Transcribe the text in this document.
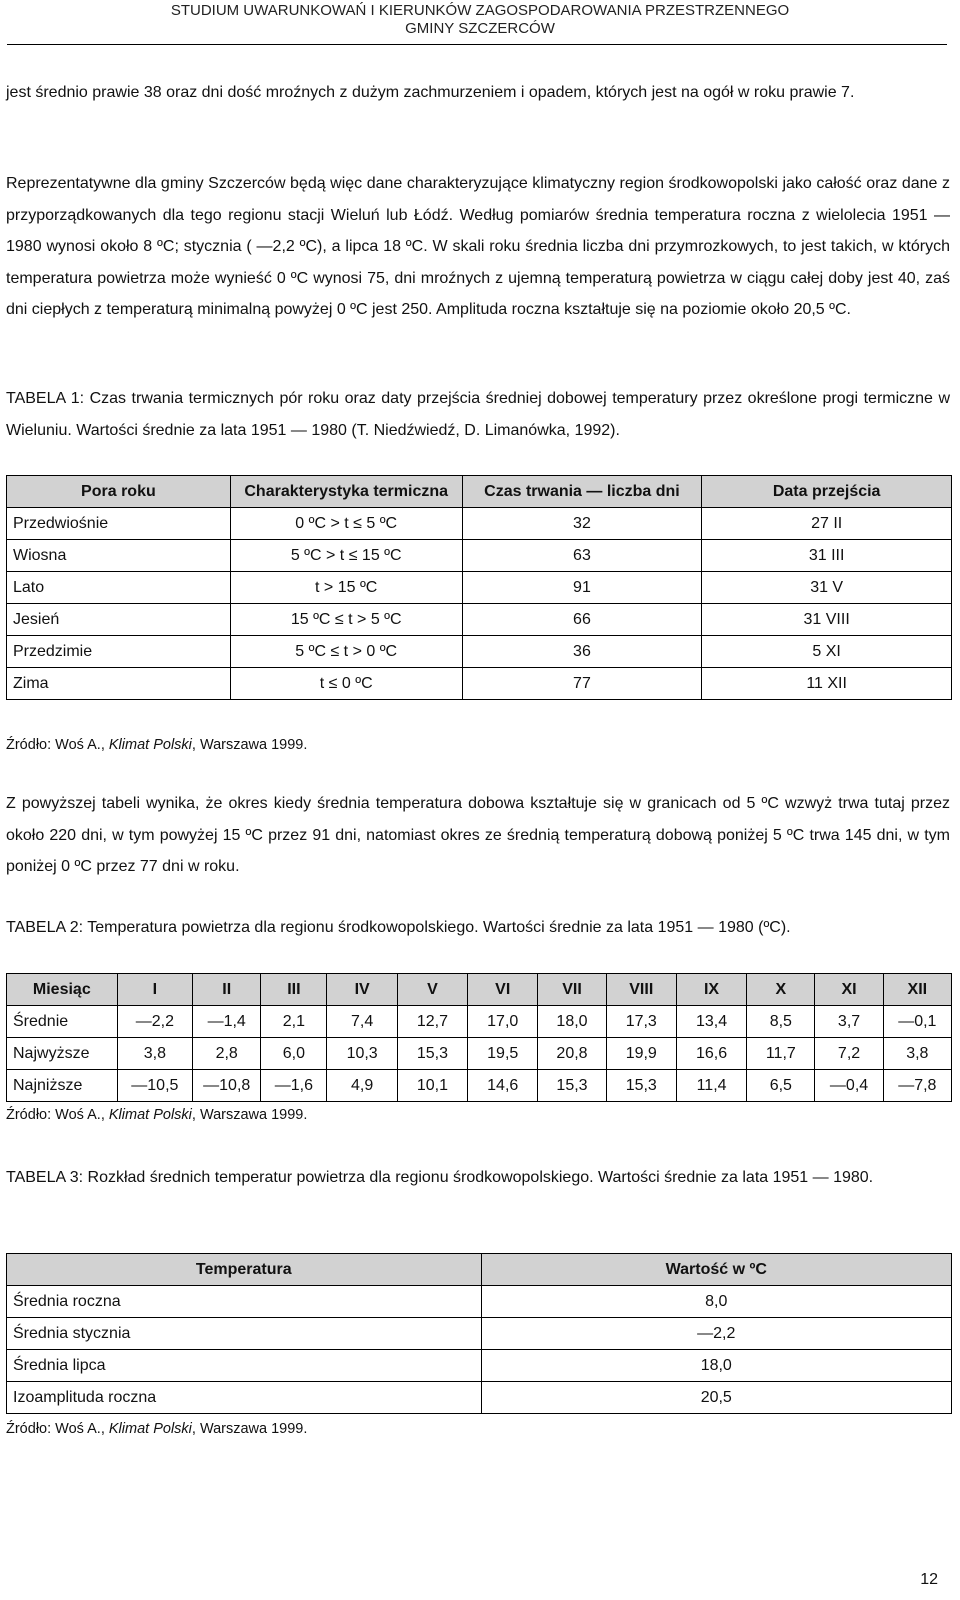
STUDIUM UWARUNKOWAŃ I KIERUNKÓW ZAGOSPODAROWANIA PRZESTRZENNEGO
GMINY SZCZERCÓW

jest średnio prawie 38 oraz dni dość mroźnych z dużym zachmurzeniem i opadem, których jest na ogół w roku prawie 7.

Reprezentatywne dla gminy Szczerców będą więc dane charakteryzujące klimatyczny region środkowopolski jako całość oraz dane z przyporządkowanych dla tego regionu stacji Wieluń lub Łódź. Według pomiarów średnia temperatura roczna z wielolecia 1951 — 1980 wynosi około 8 ºC; stycznia ( —2,2 ºC), a lipca 18 ºC. W skali roku średnia liczba dni przymrozkowych, to jest takich, w których temperatura powietrza może wynieść 0 ºC wynosi 75, dni mroźnych z ujemną temperaturą powietrza w ciągu całej doby jest 40, zaś dni ciepłych z temperaturą minimalną powyżej 0 ºC jest 250. Amplituda roczna kształtuje się na poziomie około 20,5 ºC.

TABELA 1: Czas trwania termicznych pór roku oraz daty przejścia średniej dobowej temperatury przez określone progi termiczne w Wieluniu. Wartości średnie za lata 1951 — 1980 (T. Niedźwiedź, D. Limanówka, 1992).

Pora roku	Charakterystyka termiczna	Czas trwania — liczba dni	Data przejścia
Przedwiośnie	0 ºC > t ≤ 5 ºC	32	27 II
Wiosna	5 ºC > t ≤ 15 ºC	63	31 III
Lato	t > 15 ºC	91	31 V
Jesień	15 ºC ≤ t > 5 ºC	66	31 VIII
Przedzimie	5 ºC ≤ t > 0 ºC	36	5 XI
Zima	t ≤ 0 ºC	77	11 XII
Źródło: Woś A., Klimat Polski, Warszawa 1999.

Z powyższej tabeli wynika, że okres kiedy średnia temperatura dobowa kształtuje się w granicach od 5 ºC wzwyż trwa tutaj przez około 220 dni, w tym powyżej 15 ºC przez 91 dni, natomiast okres ze średnią temperaturą dobową poniżej 5 ºC trwa 145 dni, w tym poniżej 0 ºC przez 77 dni w roku.

TABELA 2: Temperatura powietrza dla regionu środkowopolskiego. Wartości średnie za lata 1951 — 1980 (ºC).

Miesiąc	I	II	III	IV	V	VI	VII	VIII	IX	X	XI	XII
Średnie	—2,2	—1,4	2,1	7,4	12,7	17,0	18,0	17,3	13,4	8,5	3,7	—0,1
Najwyższe	3,8	2,8	6,0	10,3	15,3	19,5	20,8	19,9	16,6	11,7	7,2	3,8
Najniższe	—10,5	—10,8	—1,6	4,9	10,1	14,6	15,3	15,3	11,4	6,5	—0,4	—7,8
Źródło: Woś A., Klimat Polski, Warszawa 1999.

TABELA 3: Rozkład średnich temperatur powietrza dla regionu środkowopolskiego. Wartości średnie za lata 1951 — 1980.

Temperatura	Wartość w ºC
Średnia roczna	8,0
Średnia stycznia	—2,2
Średnia lipca	18,0
Izoamplituda roczna	20,5
Źródło: Woś A., Klimat Polski, Warszawa 1999.
12
